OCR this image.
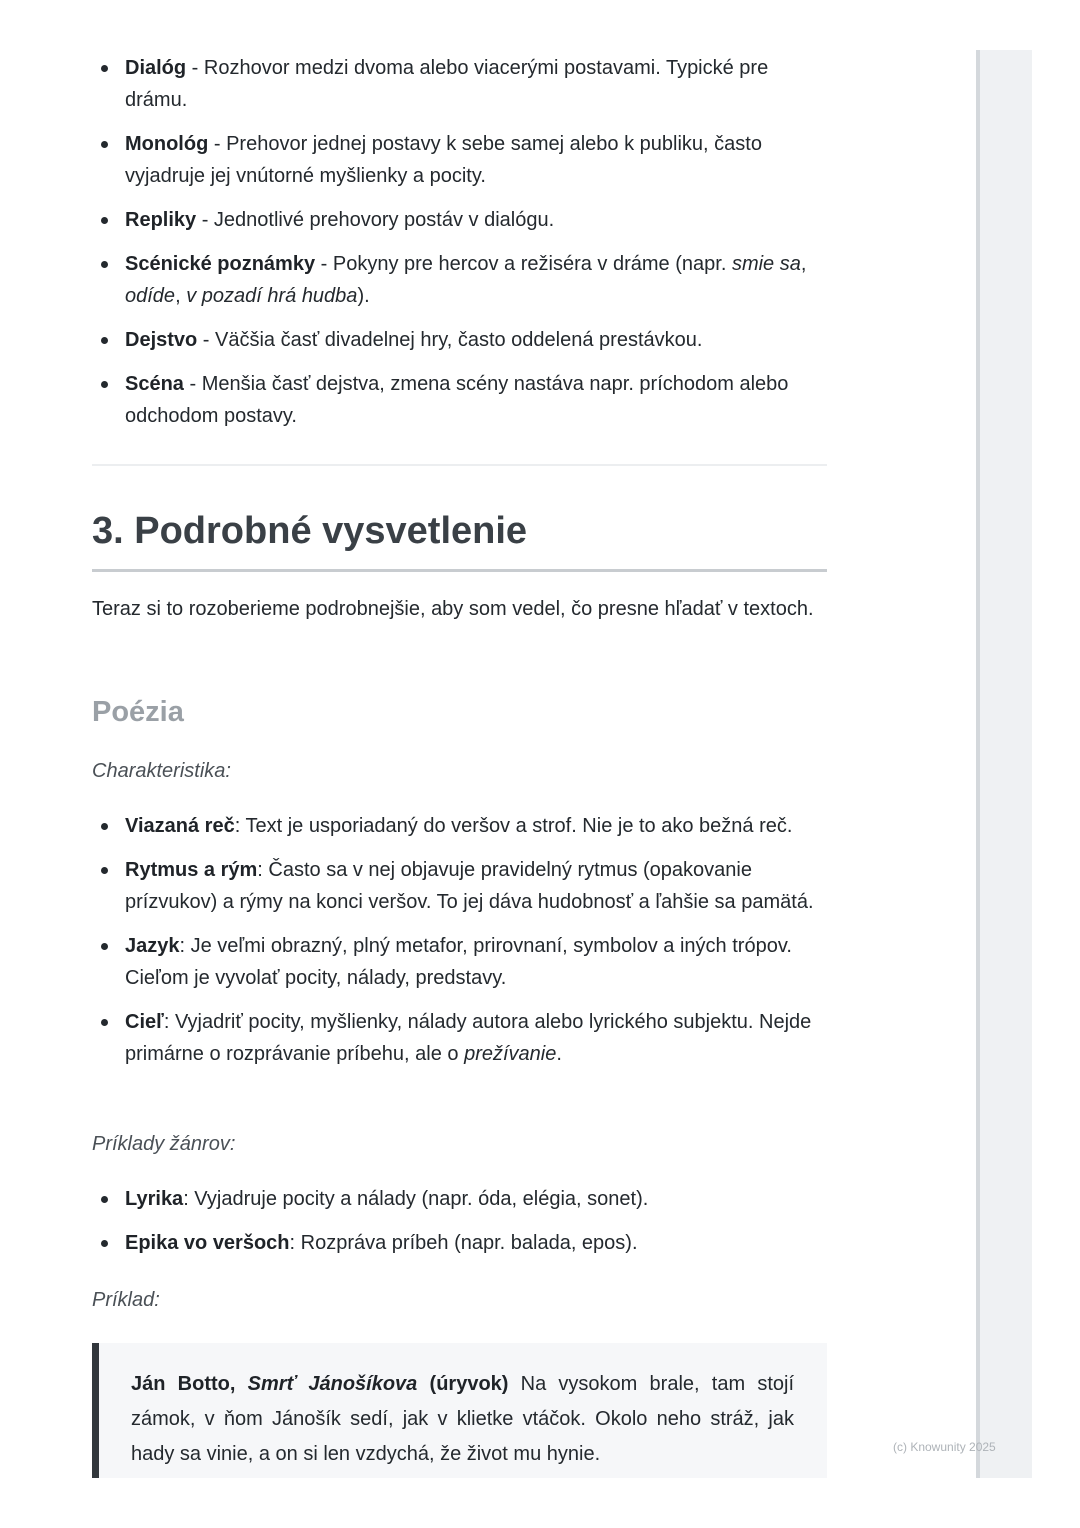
Dialóg - Rozhovor medzi dvoma alebo viacerými postavami. Typické pre drámu.
Monológ - Prehovor jednej postavy k sebe samej alebo k publiku, často vyjadruje jej vnútorné myšlienky a pocity.
Repliky - Jednotlivé prehovory postáv v dialógu.
Scénické poznámky - Pokyny pre hercov a režiséra v dráme (napr. smie sa, odíde, v pozadí hrá hudba).
Dejstvo - Väčšia časť divadelnej hry, často oddelená prestávkou.
Scéna - Menšia časť dejstva, zmena scény nastáva napr. príchodom alebo odchodom postavy.
3. Podrobné vysvetlenie

Teraz si to rozoberieme podrobnejšie, aby som vedel, čo presne hľadať v textoch.

Poézia

Charakteristika:

Viazaná reč: Text je usporiadaný do veršov a strof. Nie je to ako bežná reč.
Rytmus a rým: Často sa v nej objavuje pravidelný rytmus (opakovanie prízvukov) a rýmy na konci veršov. To jej dáva hudobnosť a ľahšie sa pamätá.
Jazyk: Je veľmi obrazný, plný metafor, prirovnaní, symbolov a iných trópov. Cieľom je vyvolať pocity, nálady, predstavy.
Cieľ: Vyjadriť pocity, myšlienky, nálady autora alebo lyrického subjektu. Nejde primárne o rozprávanie príbehu, ale o prežívanie.

Príklady žánrov:

Lyrika: Vyjadruje pocity a nálady (napr. óda, elégia, sonet).
Epika vo veršoch: Rozpráva príbeh (napr. balada, epos).

Príklad:

Ján Botto, Smrť Jánošíkova (úryvok) Na vysokom brale, tam stojí zámok, v ňom Jánošík sedí, jak v klietke vtáčok. Okolo neho stráž, jak hady sa vinie, a on si len vzdychá, že život mu hynie.	(c) Knowunity 2025
